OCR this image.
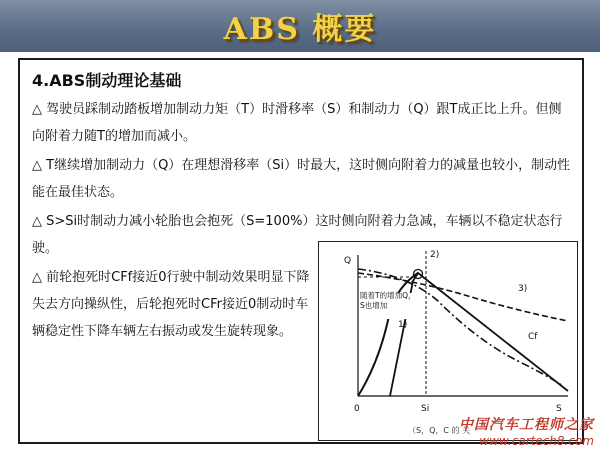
ABS 概要
4.ABS制动理论基础
△ 驾驶员踩制动踏板增加制动力矩（T）时滑移率（S）和制动力（Q）跟T成正比上升。但侧向附着力随T的增加而减小。
△ T继续增加制动力（Q）在理想滑移率（Si）时最大，这时侧向附着力的减量也较小，制动性能在最佳状态。
△ S>Si时制动力减小轮胎也会抱死（S=100%）这时侧向附着力急减，车辆以不稳定状态行驶。
△ 前轮抱死时CFf接近0行驶中制动效果明显下降失去方向操纵性，后轮抱死时CFr接近0制动时车辆稳定性下降车辆左右振动或发生旋转现象。
Q
0	Si	S
2)
3)
1)
Cf
随着T的增加Q，S也增加
（S，Q，C 的 关
中国汽车工程师之家
www.cartech8.com
